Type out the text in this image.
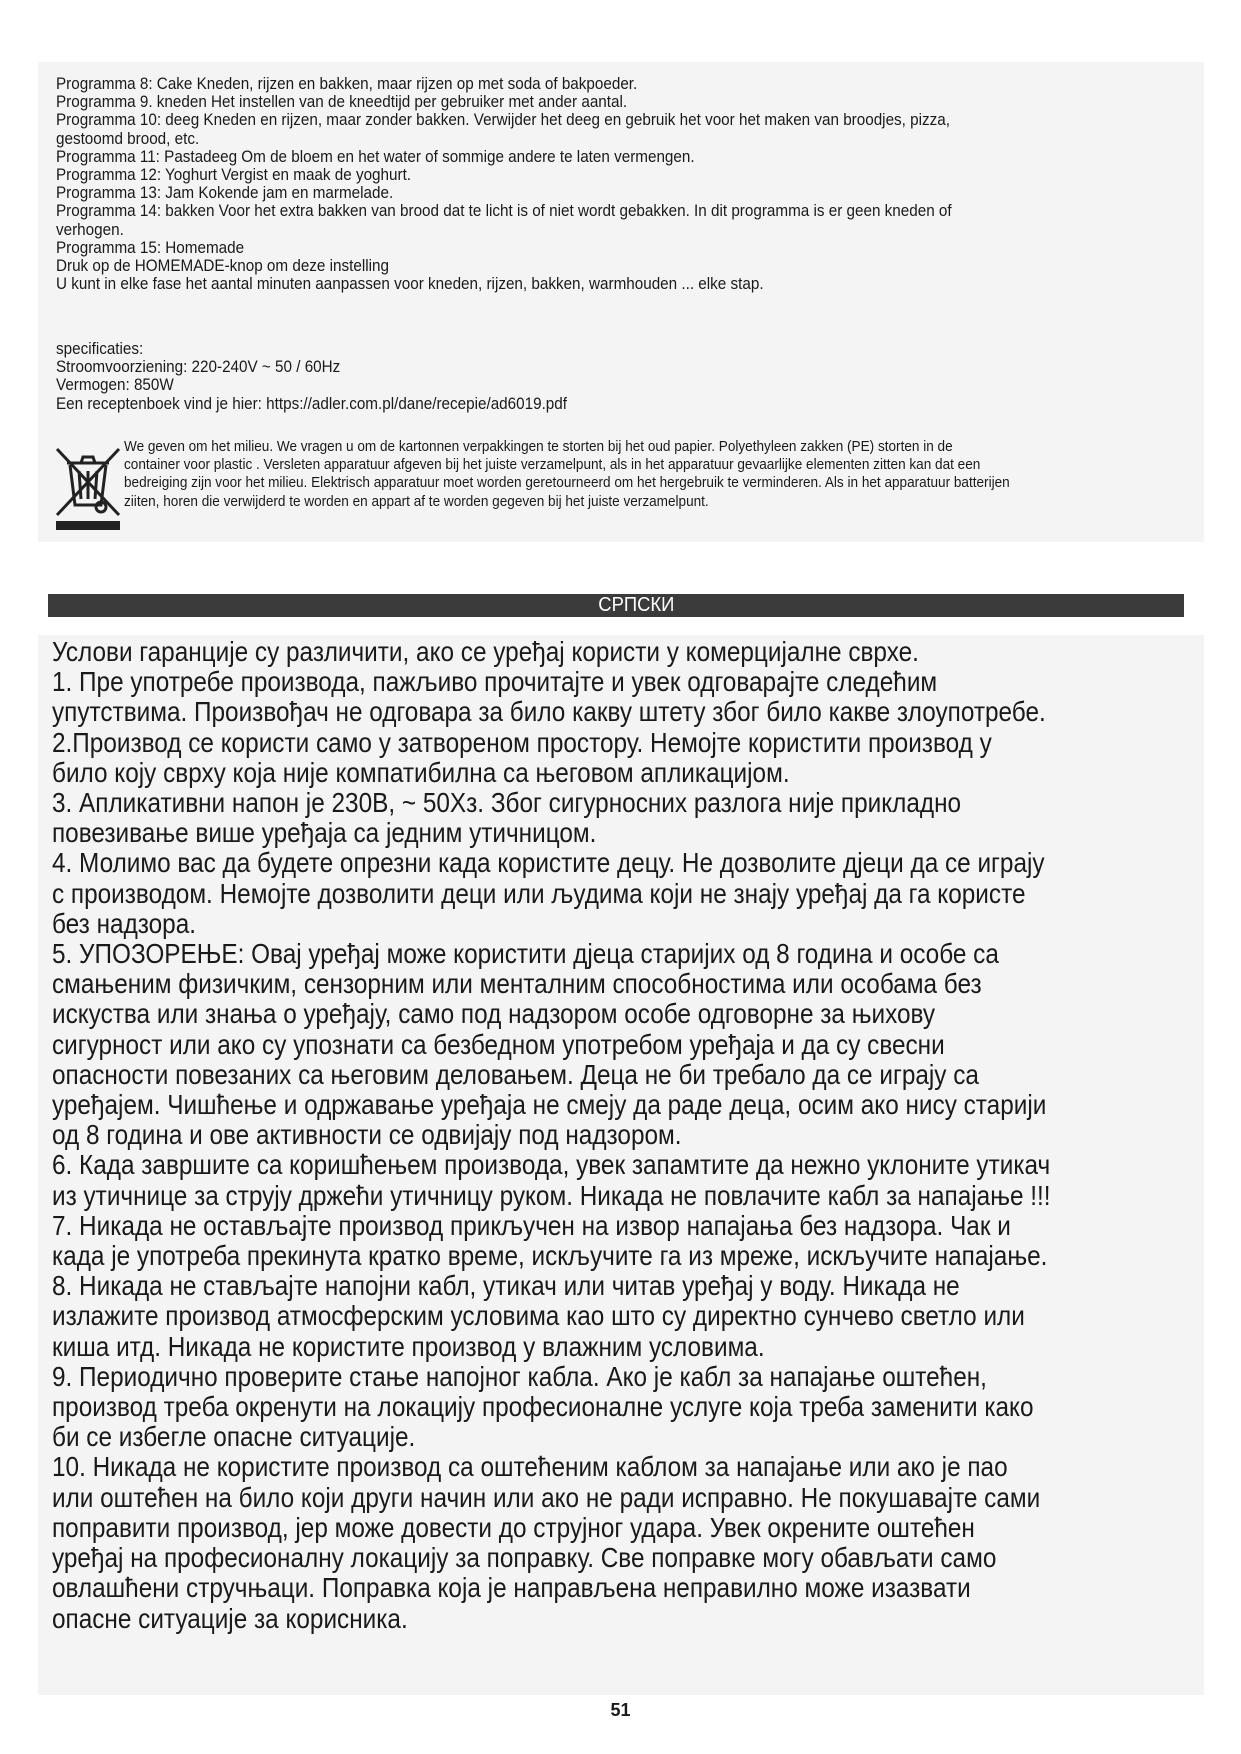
Programma 8: Cake Kneden, rijzen en bakken, maar rijzen op met soda of bakpoeder.
Programma 9. kneden Het instellen van de kneedtijd per gebruiker met ander aantal.
Programma 10: deeg Kneden en rijzen, maar zonder bakken. Verwijder het deeg en gebruik het voor het maken van broodjes, pizza,
gestoomd brood, etc.
Programma 11: Pastadeeg Om de bloem en het water of sommige andere te laten vermengen.
Programma 12: Yoghurt Vergist en maak de yoghurt.
Programma 13: Jam Kokende jam en marmelade.
Programma 14: bakken Voor het extra bakken van brood dat te licht is of niet wordt gebakken. In dit programma is er geen kneden of
verhogen.
Programma 15: Homemade
Druk op de HOMEMADE-knop om deze instelling
U kunt in elke fase het aantal minuten aanpassen voor kneden, rijzen, bakken, warmhouden ... elke stap.
specificaties:
Stroomvoorziening: 220-240V ~ 50 / 60Hz
Vermogen: 850W
Een receptenboek vind je hier: https://adler.com.pl/dane/recepie/ad6019.pdf
We geven om het milieu. We vragen u om de kartonnen verpakkingen te storten bij het oud papier. Polyethyleen zakken (PE) storten in de
container voor plastic . Versleten apparatuur afgeven bij het juiste verzamelpunt, als in het apparatuur gevaarlijke elementen zitten kan dat een
bedreiging zijn voor het milieu. Elektrisch apparatuur moet worden geretourneerd om het hergebruik te verminderen. Als in het apparatuur batterijen
ziiten, horen die verwijderd te worden en appart af te worden gegeven bij het juiste verzamelpunt.
СРПСКИ
Услови гаранције су различити, ако се уређај користи у комерцијалне сврхе.
1. Пре употребе производа, пажљиво прочитајте и увек одговарајте следећим
упутствима. Произвођач не одговара за било какву штету због било какве злоупотребе.
2.Производ се користи само у затвореном простору. Немојте користити производ у
било коју сврху која није компатибилна са његовом апликацијом.
3. Апликативни напон је 230В, ~ 50Хз. Због сигурносних разлога није прикладно
повезивање више уређаја са једним утичницом.
4. Молимо вас да будете опрезни када користите децу. Не дозволите дјеци да се играју
с производом. Немојте дозволити деци или људима који не знају уређај да га користе
без надзора.
5. УПОЗОРЕЊЕ: Овај уређај може користити дјеца старијих од 8 година и особе са
смањеним физичким, сензорним или менталним способностима или особама без
искуства или знања о уређају, само под надзором особе одговорне за њихову
сигурност или ако су упознати са безбедном употребом уређаја и да су свесни
опасности повезаних са његовим деловањем. Деца не би требало да се играју са
уређајем. Чишћење и одржавање уређаја не смеју да раде деца, осим ако нису старији
од 8 година и ове активности се одвијају под надзором.
6. Када завршите са коришћењем производа, увек запамтите да нежно уклоните утикач
из утичнице за струју држећи утичницу руком. Никада не повлачите кабл за напајање !!!
7. Никада не остављајте производ прикључен на извор напајања без надзора. Чак и
када је употреба прекинута кратко време, искључите га из мреже, искључите напајање.
8. Никада не стављајте напојни кабл, утикач или читав уређај у воду. Никада не
излажите производ атмосферским условима као што су директно сунчево светло или
киша итд. Никада не користите производ у влажним условима.
9. Периодично проверите стање напојног кабла. Ако је кабл за напајање оштећен,
производ треба окренути на локацију професионалне услуге која треба заменити како
би се избегле опасне ситуације.
10. Никада не користите производ са оштећеним каблом за напајање или ако је пао
или оштећен на било који други начин или ако не ради исправно. Не покушавајте сами
поправити производ, јер може довести до струјног удара. Увек окрените оштећен
уређај на професионалну локацију за поправку. Све поправке могу обављати само
овлашћени стручњаци. Поправка која је направљена неправилно може изазвати
опасне ситуације за корисника.
51
